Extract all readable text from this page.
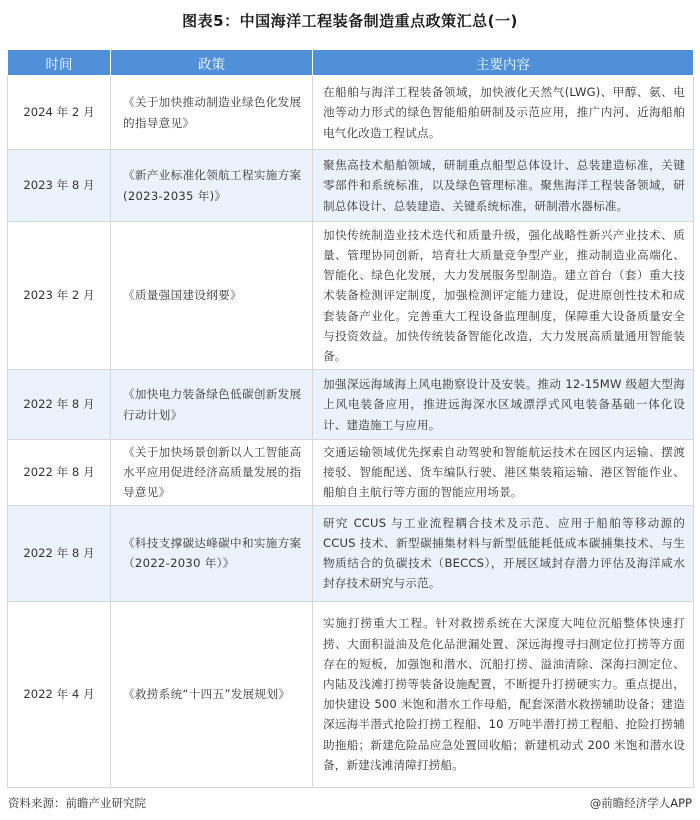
图表5：中国海洋工程装备制造重点政策汇总(一)
时间	政策	主要内容
2024 年 2 月	《关于加快推动制造业绿色化发展的指导意见》	在船舶与海洋工程装备领域，加快液化天然气(LWG)、甲醇、氨、电池等动力形式的绿色智能船舶研制及示范应用，推广内河、近海船舶电气化改造工程试点。
2023 年 8 月	《新产业标准化领航工程实施方案(2023-2035 年)》	聚焦高技术船舶领域，研制重点船型总体设计、总装建造标准，关键零部件和系统标准，以及绿色管理标准。聚焦海洋工程装备领域，研制总体设计、总装建造、关键系统标准，研制潜水器标准。
2023 年 2 月	《质量强国建设纲要》	加快传统制造业技术迭代和质量升级，强化战略性新兴产业技术、质量、管理协同创新，培育壮大质量竞争型产业，推动制造业高端化、智能化、绿色化发展，大力发展服务型制造。建立首台（套）重大技术装备检测评定制度，加强检测评定能力建设，促进原创性技术和成套装备产业化。完善重大工程设备监理制度，保障重大设备质量安全与投资效益。加快传统装备智能化改造，大力发展高质量通用智能装备。
2022 年 8 月	《加快电力装备绿色低碳创新发展行动计划》	加强深远海域海上风电勘察设计及安装。推动 12-15MW 级超大型海上风电装备应用，推进远海深水区域漂浮式风电装备基础一体化设计、建造施工与应用。
2022 年 8 月	《关于加快场景创新以人工智能高水平应用促进经济高质量发展的指导意见》	交通运输领域优先探索自动驾驶和智能航运技术在园区内运输、摆渡接驳、智能配送、货车编队行驶、港区集装箱运输、港区智能作业、船舶自主航行等方面的智能应用场景。
2022 年 8 月	《科技支撑碳达峰碳中和实施方案（2022-2030 年）》	研究 CCUS 与工业流程耦合技术及示范、应用于船舶等移动源的 CCUS 技术、新型碳捕集材料与新型低能耗低成本碳捕集技术、与生物质结合的负碳技术（BECCS），开展区域封存潜力评估及海洋咸水封存技术研究与示范。
2022 年 4 月	《救捞系统“十四五”发展规划》	实施打捞重大工程。针对救捞系统在大深度大吨位沉船整体快速打捞、大面积溢油及危化品泄漏处置、深远海搜寻扫测定位打捞等方面存在的短板，加强饱和潜水、沉船打捞、溢油清除、深海扫测定位、内陆及浅滩打捞等装备设施配置，不断提升打捞硬实力。重点提出，加快建设 500 米饱和潜水工作母船，配套深潜水救捞辅助设备；建造深远海半潜式抢险打捞工程船、10 万吨半潜打捞工程船、抢险打捞辅助拖船；新建危险品应急处置回收船；新建机动式 200 米饱和潜水设备，新建浅滩清障打捞船。
资料来源：前瞻产业研究院	@前瞻经济学人APP
